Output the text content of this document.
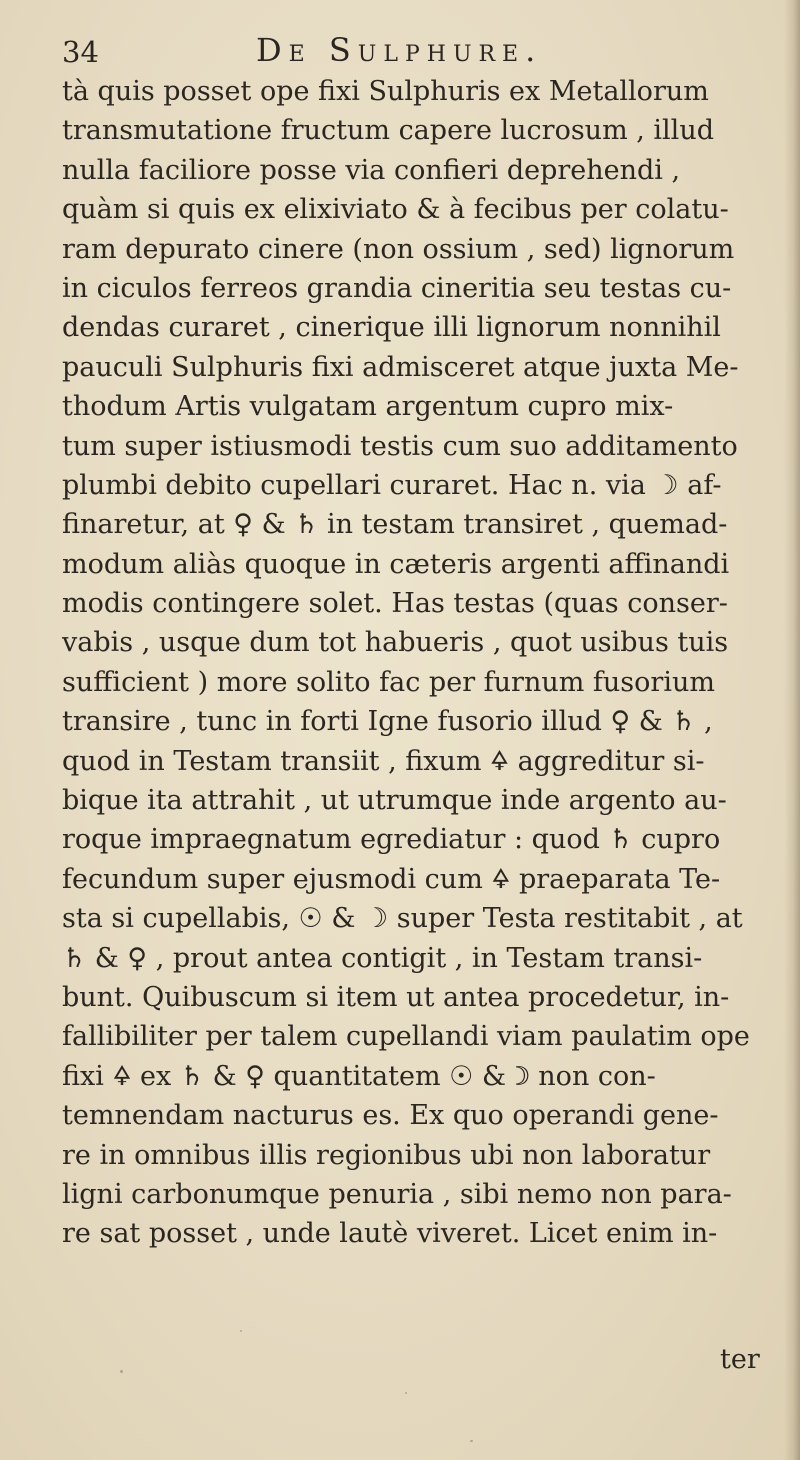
34	De Sulphure.
tà quis posset ope fixi Sulphuris ex Metallorum
transmutatione fructum capere lucrosum , illud
nulla faciliore posse via confieri deprehendi ,
quàm si quis ex elixiviato & à fecibus per colatu-
ram depurato cinere (non ossium , sed) lignorum
in ciculos ferreos grandia cineritia seu testas cu-
dendas curaret , cinerique illi lignorum nonnihil
pauculi Sulphuris fixi admisceret atque juxta Me-
thodum Artis vulgatam argentum cupro mix-
tum super istiusmodi testis cum suo additamento
plumbi debito cupellari curaret. Hac n. via ☽ af-
finaretur, at ♀ & ♄ in testam transiret , quemad-
modum aliàs quoque in cæteris argenti affinandi
modis contingere solet. Has testas (quas conser-
vabis , usque dum tot habueris , quot usibus tuis
sufficient ) more solito fac per furnum fusorium
transire , tunc in forti Igne fusorio illud ♀ & ♄ ,
quod in Testam transiit , fixum 🜍 aggreditur si-
bique ita attrahit , ut utrumque inde argento au-
roque impraegnatum egrediatur : quod ♄ cupro
fecundum super ejusmodi cum 🜍 praeparata Te-
sta si cupellabis, ☉ & ☽ super Testa restitabit , at
♄ & ♀ , prout antea contigit , in Testam transi-
bunt. Quibuscum si item ut antea procedetur, in-
fallibiliter per talem cupellandi viam paulatim ope
fixi 🜍 ex ♄ & ♀ quantitatem ☉ & ☽ non con-
temnendam nacturus es. Ex quo operandi gene-
re in omnibus illis regionibus ubi non laboratur
ligni carbonumque penuria , sibi nemo non para-
re sat posset , unde lautè viveret. Licet enim in-
ter
